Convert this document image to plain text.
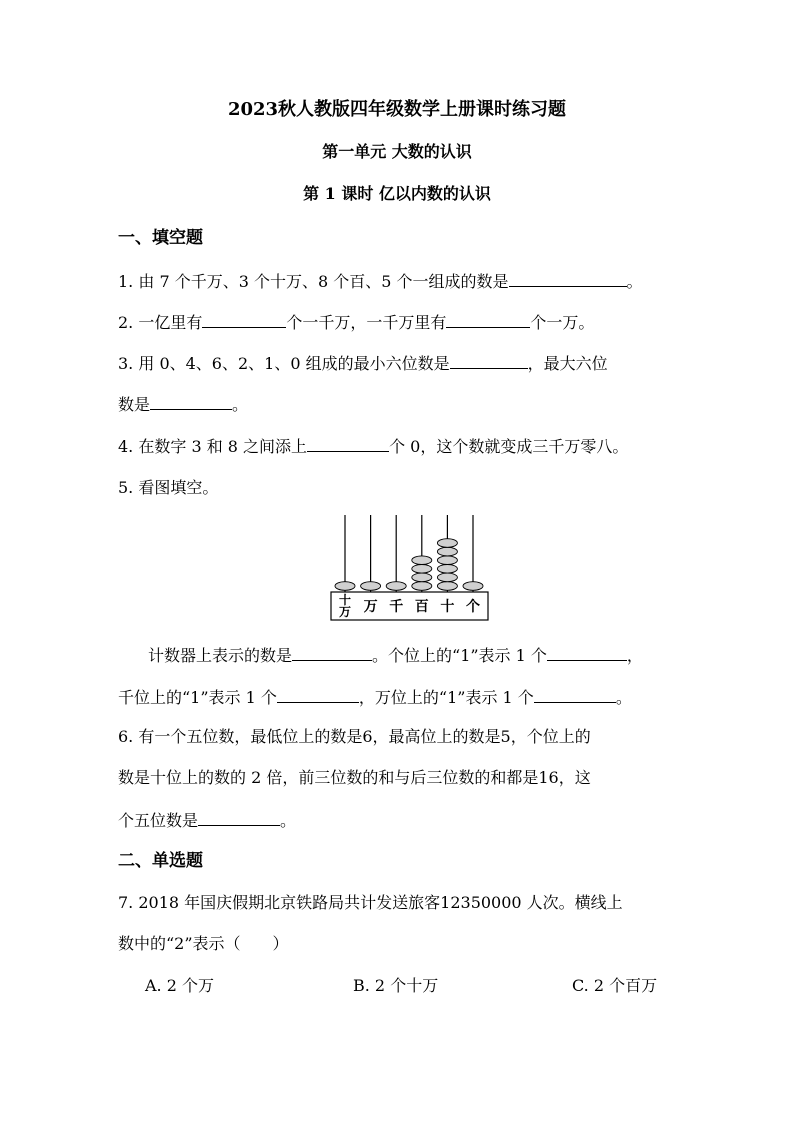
2023秋人教版四年级数学上册课时练习题
第一单元 大数的认识
第 1 课时 亿以内数的认识
一、填空题
1. 由 7 个千万、3 个十万、8 个百、5 个一组成的数是	。
2. 一亿里有	个一千万，一千万里有	个一万。
3. 用 0、4、6、2、1、0 组成的最小六位数是	，最大六位
数是	。
4. 在数字 3 和 8 之间添上	个 0，这个数就变成三千万零八。
5. 看图填空。
十
万 万 千 百 十 个
计数器上表示的数是	。个位上的“1”表示 1 个	，
千位上的“1”表示 1 个	，万位上的“1”表示 1 个	。
6. 有一个五位数，最低位上的数是6，最高位上的数是5，个位上的
数是十位上的数的 2 倍，前三位数的和与后三位数的和都是16，这
个五位数是	。
二、单选题
7. 2018 年国庆假期北京铁路局共计发送旅客12350000 人次。横线上
数中的“2”表示（　　）
A. 2 个万	B. 2 个十万	C. 2 个百万
